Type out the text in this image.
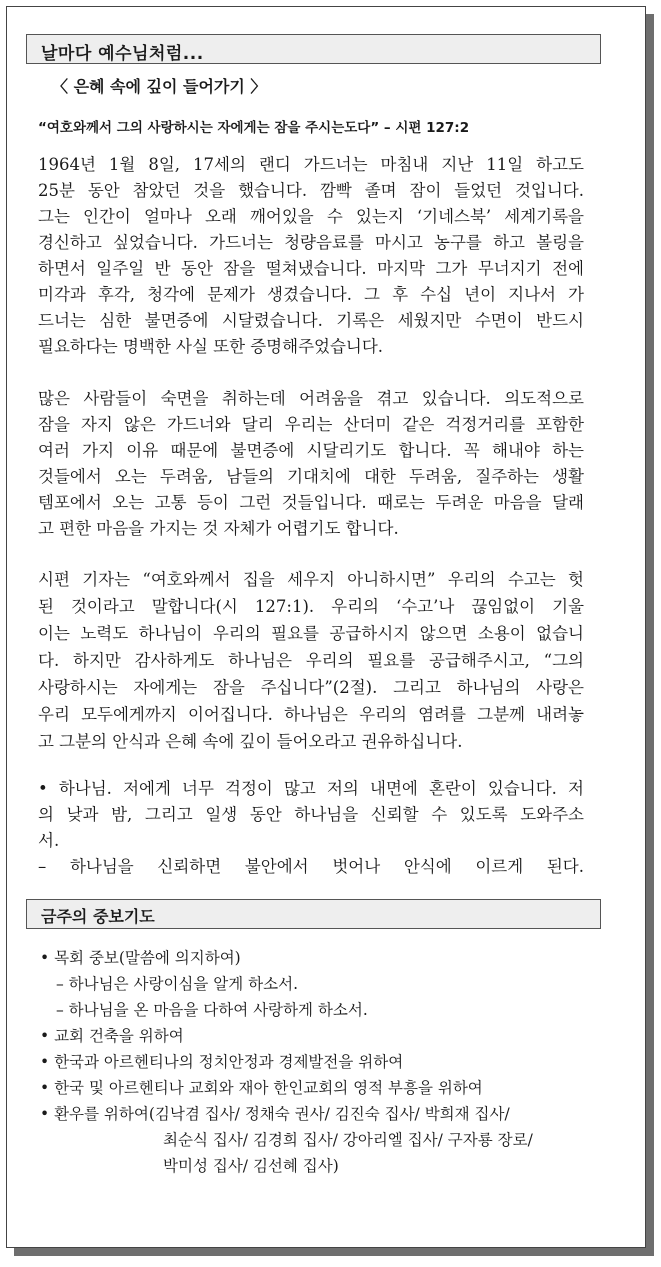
날마다 예수님처럼...
〈 은혜 속에 깊이 들어가기 〉
“여호와께서 그의 사랑하시는 자에게는 잠을 주시는도다” – 시편 127:2
1964년 1월 8일, 17세의 랜디 가드너는 마침내 지난 11일 하고도
25분 동안 참았던 것을 했습니다. 깜빡 졸며 잠이 들었던 것입니다.
그는 인간이 얼마나 오래 깨어있을 수 있는지 ‘기네스북’ 세계기록을
경신하고 싶었습니다. 가드너는 청량음료를 마시고 농구를 하고 볼링을
하면서 일주일 반 동안 잠을 떨쳐냈습니다. 마지막 그가 무너지기 전에
미각과 후각, 청각에 문제가 생겼습니다. 그 후 수십 년이 지나서 가
드너는 심한 불면증에 시달렸습니다. 기록은 세웠지만 수면이 반드시
필요하다는 명백한 사실 또한 증명해주었습니다.
많은 사람들이 숙면을 취하는데 어려움을 겪고 있습니다. 의도적으로
잠을 자지 않은 가드너와 달리 우리는 산더미 같은 걱정거리를 포함한
여러 가지 이유 때문에 불면증에 시달리기도 합니다. 꼭 해내야 하는
것들에서 오는 두려움, 남들의 기대치에 대한 두려움, 질주하는 생활
템포에서 오는 고통 등이 그런 것들입니다. 때로는 두려운 마음을 달래
고 편한 마음을 가지는 것 자체가 어렵기도 합니다.
시편 기자는 “여호와께서 집을 세우지 아니하시면” 우리의 수고는 헛
된 것이라고 말합니다(시 127:1). 우리의 ‘수고’나 끊임없이 기울
이는 노력도 하나님이 우리의 필요를 공급하시지 않으면 소용이 없습니
다. 하지만 감사하게도 하나님은 우리의 필요를 공급해주시고, “그의
사랑하시는 자에게는 잠을 주십니다”(2절). 그리고 하나님의 사랑은
우리 모두에게까지 이어집니다. 하나님은 우리의 염려를 그분께 내려놓
고 그분의 안식과 은혜 속에 깊이 들어오라고 권유하십니다.
• 하나님. 저에게 너무 걱정이 많고 저의 내면에 혼란이 있습니다. 저
의 낮과 밤, 그리고 일생 동안 하나님을 신뢰할 수 있도록 도와주소
서.
– 하나님을 신뢰하면 불안에서 벗어나 안식에 이르게 된다.
금주의 중보기도
• 목회 중보(말씀에 의지하여)
– 하나님은 사랑이심을 알게 하소서.
– 하나님을 온 마음을 다하여 사랑하게 하소서.
• 교회 건축을 위하여
• 한국과 아르헨티나의 정치안정과 경제발전을 위하여
• 한국 및 아르헨티나 교회와 재아 한인교회의 영적 부흥을 위하여
• 환우를 위하여(김낙겸 집사/ 정채숙 권사/ 김진숙 집사/ 박희재 집사/
최순식 집사/ 김경희 집사/ 강아리엘 집사/ 구자룡 장로/
박미성 집사/ 김선혜 집사)
